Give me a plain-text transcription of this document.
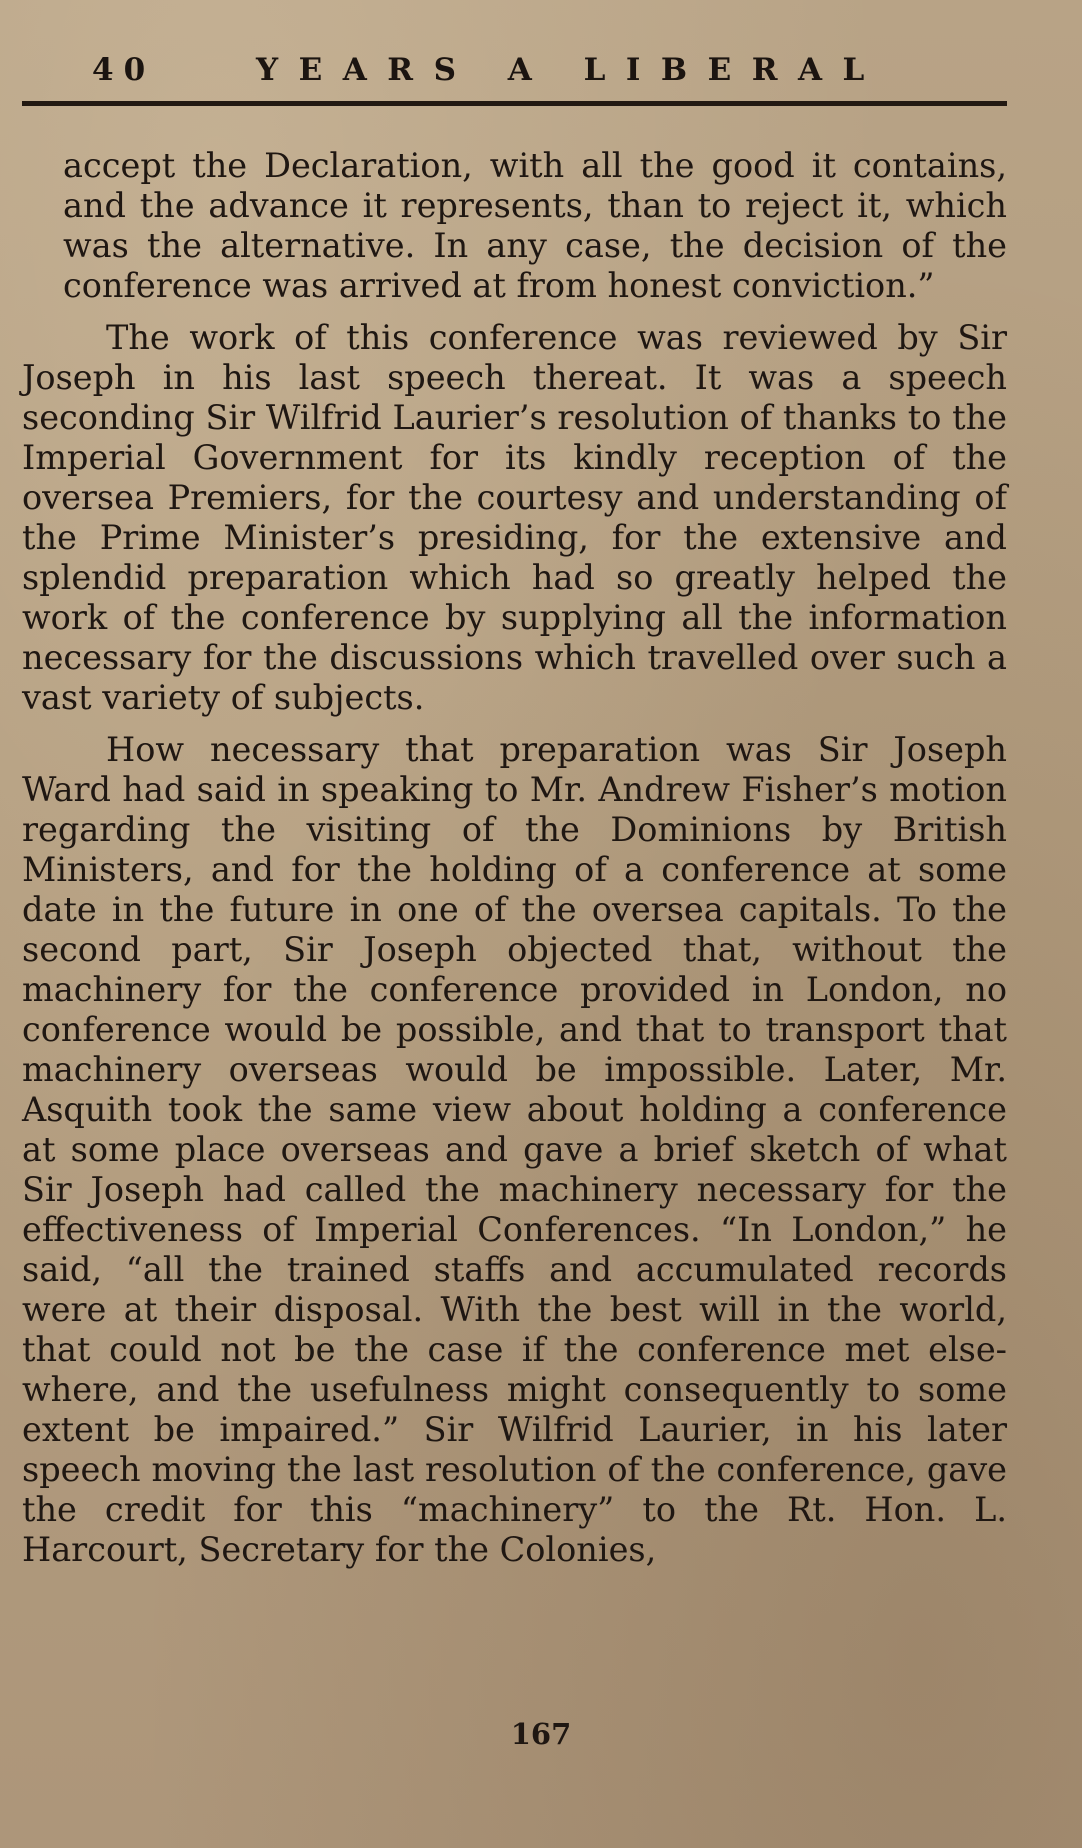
40	YEARS A LIBERAL

accept the Declaration, with all the good it contains, and the advance it represents, than to reject it, which was the alternative. In any case, the decision of the conference was arrived at from honest conviction.”

The work of this conference was reviewed by Sir Joseph in his last speech thereat. It was a speech seconding Sir Wilfrid Laurier’s resolution of thanks to the Imperial Government for its kindly reception of the oversea Premiers, for the courtesy and understanding of the Prime Minister’s presiding, for the extensive and splendid preparation which had so greatly helped the work of the conference by supplying all the information necessary for the discussions which travelled over such a vast variety of subjects.

How necessary that preparation was Sir Joseph Ward had said in speaking to Mr. Andrew Fisher’s motion regarding the visiting of the Dominions by British Ministers, and for the holding of a conference at some date in the future in one of the oversea capitals. To the second part, Sir Joseph objected that, without the machinery for the conference provided in London, no conference would be possible, and that to transport that machinery overseas would be impossible. Later, Mr. Asquith took the same view about holding a conference at some place overseas and gave a brief sketch of what Sir Joseph had called the machinery necessary for the effectiveness of Imperial Conferences. “In London,” he said, “all the trained staffs and accumulated records were at their disposal. With the best will in the world, that could not be the case if the conference met elsewhere, and the usefulness might consequently to some extent be impaired.” Sir Wilfrid Laurier, in his later speech moving the last resolution of the conference, gave the credit for this “machinery” to the Rt. Hon. L. Harcourt, Secretary for the Colonies,

167
